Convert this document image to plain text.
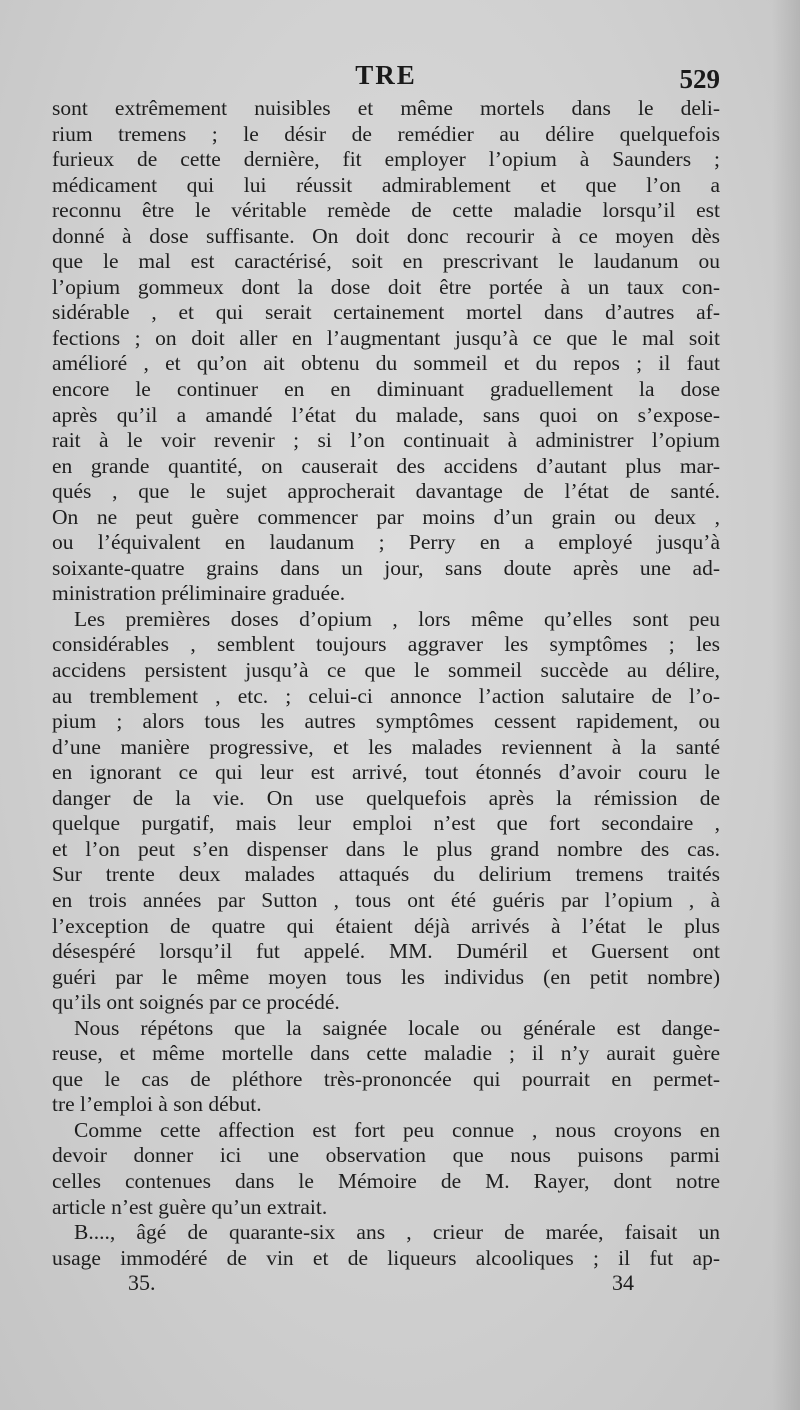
TRE	529
sont extrêmement nuisibles et même mortels dans le deli-
rium tremens ; le désir de remédier au délire quelquefois
furieux de cette dernière, fit employer l’opium à Saunders ;
médicament qui lui réussit admirablement et que l’on a
reconnu être le véritable remède de cette maladie lorsqu’il est
donné à dose suffisante. On doit donc recourir à ce moyen dès
que le mal est caractérisé, soit en prescrivant le laudanum ou
l’opium gommeux dont la dose doit être portée à un taux con-
sidérable , et qui serait certainement mortel dans d’autres af-
fections ; on doit aller en l’augmentant jusqu’à ce que le mal soit
amélioré , et qu’on ait obtenu du sommeil et du repos ; il faut
encore le continuer en en diminuant graduellement la dose
après qu’il a amandé l’état du malade, sans quoi on s’expose-
rait à le voir revenir ; si l’on continuait à administrer l’opium
en grande quantité, on causerait des accidens d’autant plus mar-
qués , que le sujet approcherait davantage de l’état de santé.
On ne peut guère commencer par moins d’un grain ou deux ,
ou l’équivalent en laudanum ; Perry en a employé jusqu’à
soixante-quatre grains dans un jour, sans doute après une ad-
ministration préliminaire graduée.
Les premières doses d’opium , lors même qu’elles sont peu
considérables , semblent toujours aggraver les symptômes ; les
accidens persistent jusqu’à ce que le sommeil succède au délire,
au tremblement , etc. ; celui-ci annonce l’action salutaire de l’o-
pium ; alors tous les autres symptômes cessent rapidement, ou
d’une manière progressive, et les malades reviennent à la santé
en ignorant ce qui leur est arrivé, tout étonnés d’avoir couru le
danger de la vie. On use quelquefois après la rémission de
quelque purgatif, mais leur emploi n’est que fort secondaire ,
et l’on peut s’en dispenser dans le plus grand nombre des cas.
Sur trente deux malades attaqués du delirium tremens traités
en trois années par Sutton , tous ont été guéris par l’opium , à
l’exception de quatre qui étaient déjà arrivés à l’état le plus
désespéré lorsqu’il fut appelé. MM. Duméril et Guersent ont
guéri par le même moyen tous les individus (en petit nombre)
qu’ils ont soignés par ce procédé.
Nous répétons que la saignée locale ou générale est dange-
reuse, et même mortelle dans cette maladie ; il n’y aurait guère
que le cas de pléthore très-prononcée qui pourrait en permet-
tre l’emploi à son début.
Comme cette affection est fort peu connue , nous croyons en
devoir donner ici une observation que nous puisons parmi
celles contenues dans le Mémoire de M. Rayer, dont notre
article n’est guère qu’un extrait.
B...., âgé de quarante-six ans , crieur de marée, faisait un
usage immodéré de vin et de liqueurs alcooliques ; il fut ap-
35.	34
